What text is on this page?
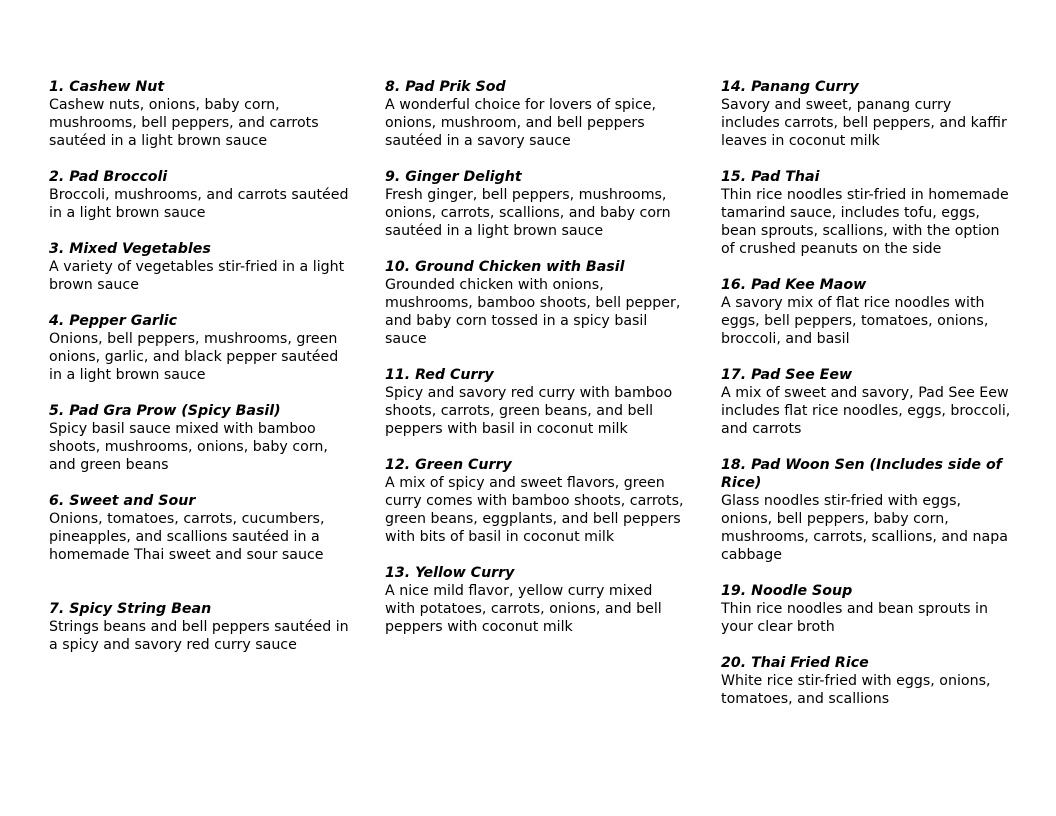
1. Cashew Nut
Cashew nuts, onions, baby corn, mushrooms, bell peppers, and carrots sautéed in a light brown sauce
2. Pad Broccoli
Broccoli, mushrooms, and carrots sautéed in a light brown sauce
3. Mixed Vegetables
A variety of vegetables stir-fried in a light brown sauce
4. Pepper Garlic
Onions, bell peppers, mushrooms, green onions, garlic, and black pepper sautéed in a light brown sauce
5. Pad Gra Prow (Spicy Basil)
Spicy basil sauce mixed with bamboo shoots, mushrooms, onions, baby corn, and green beans
6. Sweet and Sour
Onions, tomatoes, carrots, cucumbers, pineapples, and scallions sautéed in a homemade Thai sweet and sour sauce
7. Spicy String Bean
Strings beans and bell peppers sautéed in a spicy and savory red curry sauce
8. Pad Prik Sod
A wonderful choice for lovers of spice, onions, mushroom, and bell peppers sautéed in a savory sauce
9. Ginger Delight
Fresh ginger, bell peppers, mushrooms, onions, carrots, scallions, and baby corn sautéed in a light brown sauce
10. Ground Chicken with Basil
Grounded chicken with onions, mushrooms, bamboo shoots, bell pepper, and baby corn tossed in a spicy basil sauce
11. Red Curry
Spicy and savory red curry with bamboo shoots, carrots, green beans, and bell peppers with basil in coconut milk
12. Green Curry
A mix of spicy and sweet flavors, green curry comes with bamboo shoots, carrots, green beans, eggplants, and bell peppers with bits of basil in coconut milk
13. Yellow Curry
A nice mild flavor, yellow curry mixed with potatoes, carrots, onions, and bell peppers with coconut milk
14. Panang Curry
Savory and sweet, panang curry includes carrots, bell peppers, and kaffir leaves in coconut milk
15. Pad Thai
Thin rice noodles stir-fried in homemade tamarind sauce, includes tofu, eggs, bean sprouts, scallions, with the option of crushed peanuts on the side
16. Pad Kee Maow
A savory mix of flat rice noodles with eggs, bell peppers, tomatoes, onions, broccoli, and basil
17. Pad See Eew
A mix of sweet and savory, Pad See Eew includes flat rice noodles, eggs, broccoli, and carrots
18. Pad Woon Sen (Includes side of Rice)
Glass noodles stir-fried with eggs, onions, bell peppers, baby corn, mushrooms, carrots, scallions, and napa cabbage
19. Noodle Soup
Thin rice noodles and bean sprouts in your clear broth
20. Thai Fried Rice
White rice stir-fried with eggs, onions, tomatoes, and scallions
